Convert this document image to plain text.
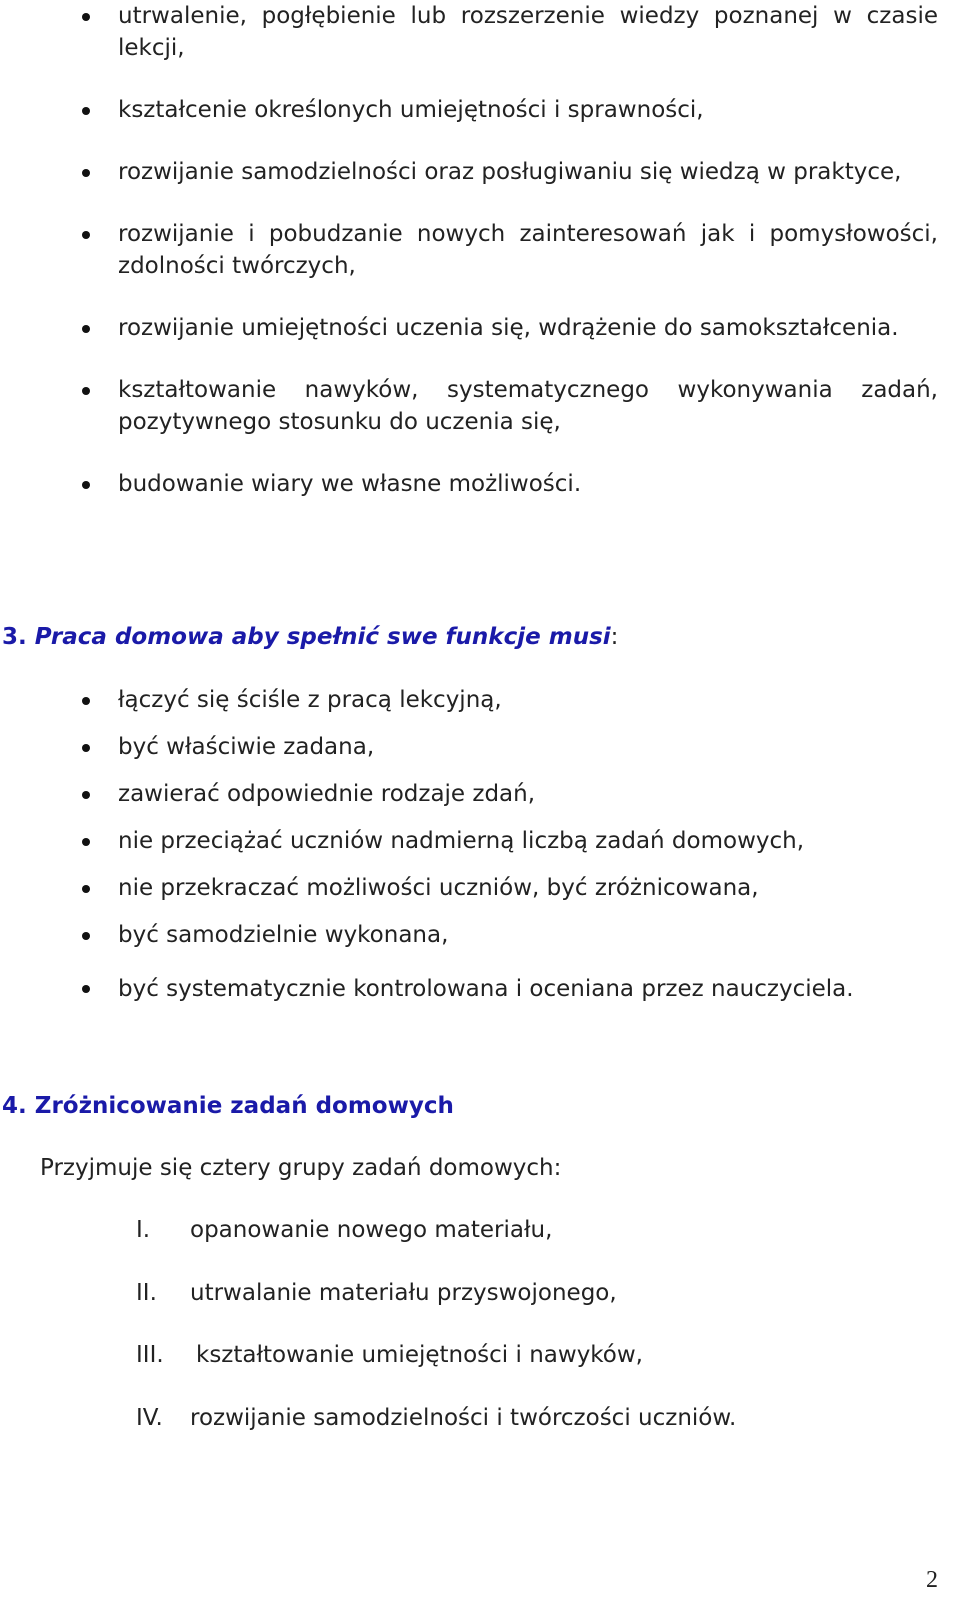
utrwalenie, pogłębienie lub rozszerzenie wiedzy poznanej w czasie lekcji,
kształcenie określonych umiejętności i sprawności,
rozwijanie samodzielności oraz posługiwaniu się wiedzą w praktyce,
rozwijanie i pobudzanie nowych zainteresowań jak i pomysłowości, zdolności twórczych,
rozwijanie umiejętności uczenia się, wdrążenie do samokształcenia.
kształtowanie nawyków, systematycznego wykonywania zadań, pozytywnego stosunku do uczenia się,
budowanie wiary we własne możliwości.
3. Praca domowa aby spełnić swe funkcje musi:
łączyć się ściśle z pracą lekcyjną,
być właściwie zadana,
zawierać odpowiednie rodzaje zdań,
nie przeciążać uczniów nadmierną liczbą zadań domowych,
nie przekraczać możliwości uczniów, być zróżnicowana,
być samodzielnie wykonana,
być systematycznie kontrolowana i oceniana przez nauczyciela.
4. Zróżnicowanie zadań domowych

Przyjmuje się cztery grupy zadań domowych:

I. opanowanie nowego materiału,
II. utrwalanie materiału przyswojonego,
III. kształtowanie umiejętności i nawyków,
IV. rozwijanie samodzielności i twórczości uczniów.
2
